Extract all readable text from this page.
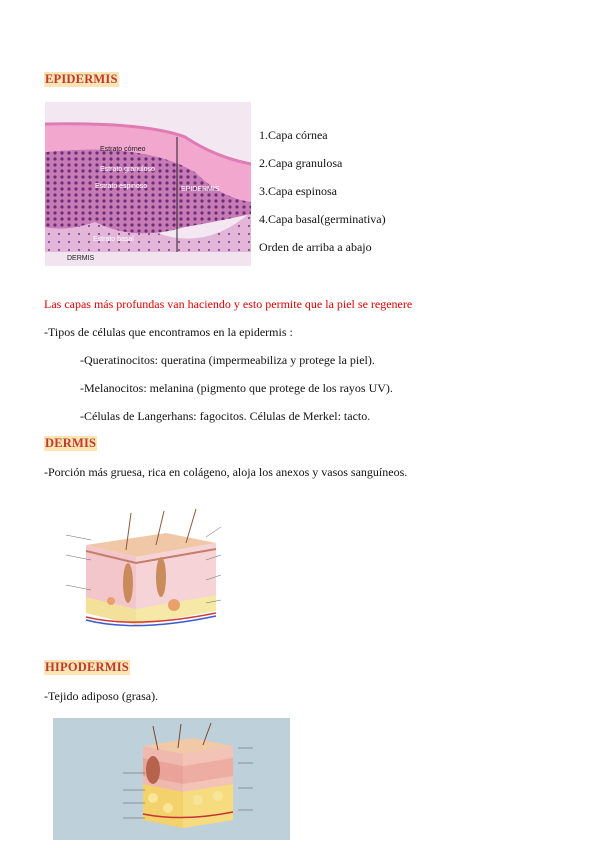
EPIDERMIS
Estrato córneo
Estrato granuloso
Estrato espinoso
Estrato basal
DERMIS
EPIDERMIS
1.Capa córnea
2.Capa granulosa
3.Capa espinosa
4.Capa basal(germinativa)
Orden de arriba a abajo
Las capas más profundas van haciendo y esto permite que la piel se regenere
-Tipos de células que encontramos en la epidermis :
-Queratinocitos: queratina (impermeabiliza y protege la piel).
-Melanocitos: melanina (pigmento que protege de los rayos UV).
-Células de Langerhans: fagocitos. Células de Merkel: tacto.
DERMIS
-Porción más gruesa, rica en colágeno, aloja los anexos y vasos sanguíneos.
HIPODERMIS
-Tejido adiposo (grasa).
